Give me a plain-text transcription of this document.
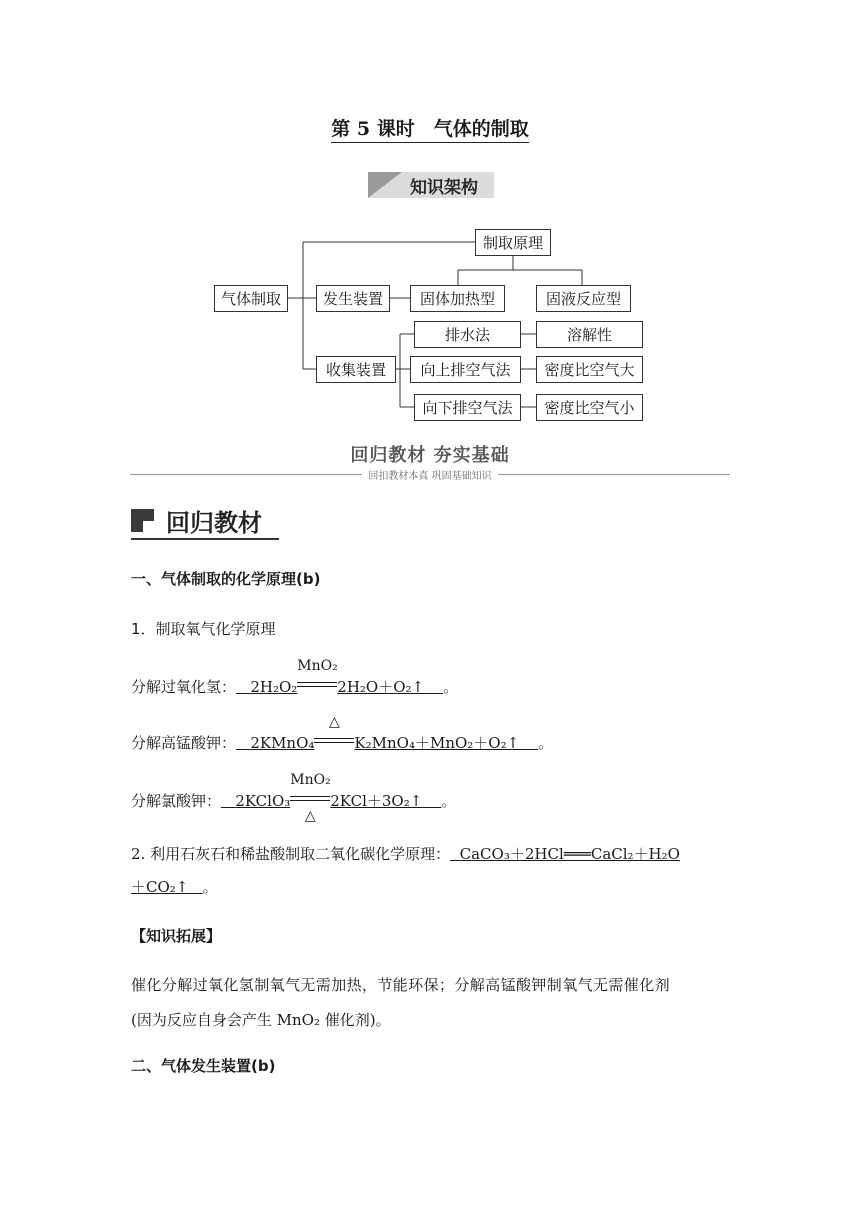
第 5 课时　气体的制取
知识架构
气体制取
制取原理
发生装置	固体加热型	固液反应型
收集装置
排水法	溶解性
向上排空气法	密度比空气大
向下排空气法	密度比空气小
回归教材 夯实基础
回扣教材本真 巩固基础知识
回归教材
一、气体制取的化学原理(b)
1．制取氧气化学原理
分解过氧化氢： 2H₂O₂
MnO₂
2H₂O＋O₂↑ 。
分解高锰酸钾： 2KMnO₄
△
K₂MnO₄＋MnO₂＋O₂↑ 。
分解氯酸钾： 2KClO₃
MnO₂
△
2KCl＋3O₂↑ 。
2. 利用石灰石和稀盐酸制取二氧化碳化学原理： CaCO₃＋2HCl═══CaCl₂＋H₂O
＋CO₂↑ 。
【知识拓展】
催化分解过氧化氢制氧气无需加热，节能环保；分解高锰酸钾制氧气无需催化剂
(因为反应自身会产生 MnO₂ 催化剂)。
二、气体发生装置(b)
